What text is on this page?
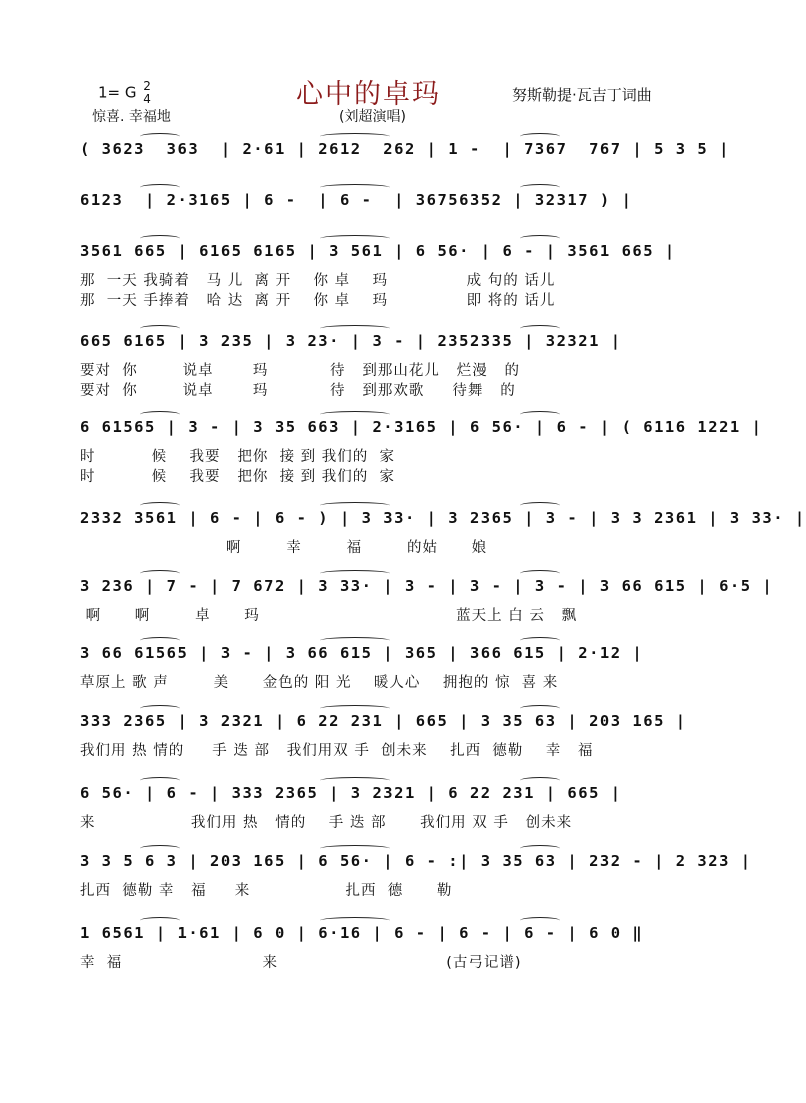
1= G 2
4
惊喜. 幸福地
心中的卓玛	努斯勒提·瓦吉丁词曲
(刘超演唱)
( 3623  363  | 2·61 | 2612  262 | 1 -  | 7367  767 | 5 3 5 |
6123  | 2·3165 | 6 -  | 6 -  | 36756352 | 32317 ) |
3561 665 | 6165 6165 | 3 561 | 6 56· | 6 - | 3561 665 |
那  一天 我骑着   马 儿  离 开    你 卓    玛              成 句的 话儿
那  一天 手捧着   哈 达  离 开    你 卓    玛              即 将的 话儿
665 6165 | 3 235 | 3 23· | 3 - | 2352335 | 32321 |
要对  你        说卓       玛           待   到那山花儿   烂漫   的
要对  你        说卓       玛           待   到那欢歌     待舞   的
6 61565 | 3 - | 3 35 663 | 2·3165 | 6 56· | 6 - | ( 6116 1221 |
时          候    我要   把你  接 到 我们的  家
时          候    我要   把你  接 到 我们的  家
2332 3561 | 6 - | 6 - ) | 3 33· | 3 2365 | 3 - | 3 3 2361 | 3 33· |
啊        幸        福        的姑      娘
3 236 | 7 - | 7 672 | 3 33· | 3 - | 3 - | 3 - | 3 66 615 | 6·5 |
啊      啊        卓      玛                                   蓝天上 白 云   飘
3 66 61565 | 3 - | 3 66 615 | 365 | 366 615 | 2·12 |
草原上 歌 声        美      金色的 阳 光    暖人心    拥抱的 惊  喜 来
333 2365 | 3 2321 | 6 22 231 | 665 | 3 35 63 | 203 165 |
我们用 热 情的     手 迭 部   我们用双 手  创未来    扎西  德勒    幸   福
6 56· | 6 - | 333 2365 | 3 2321 | 6 22 231 | 665 |
来                 我们用 热   情的    手 迭 部      我们用 双 手   创未来
3 3 5 6 3 | 203 165 | 6 56· | 6 - :| 3 35 63 | 232 - | 2 323 |
扎西  德勒 幸   福     来                 扎西  德      勒
1 6561 | 1·61 | 6 0 | 6·16 | 6 - | 6 - | 6 - | 6 0 ‖
幸  福                         来                              (古弓记谱)
